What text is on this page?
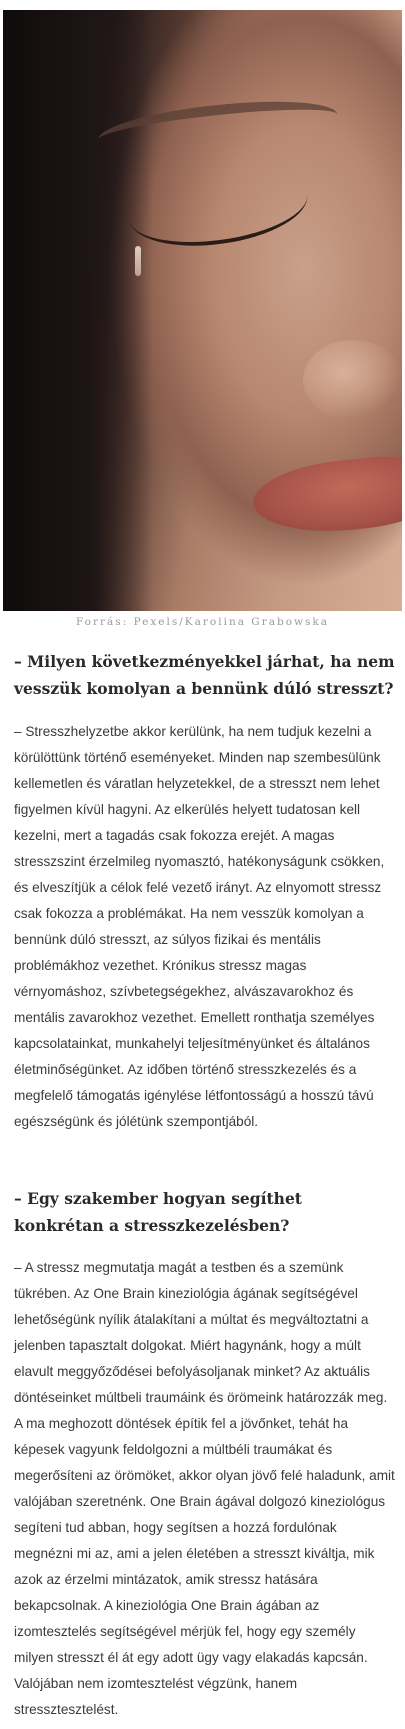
Forrás: Pexels/Karolina Grabowska
– Milyen következményekkel járhat, ha nem vesszük komolyan a bennünk dúló stresszt?

– Stresszhelyzetbe akkor kerülünk, ha nem tudjuk kezelni a körülöttünk történő eseményeket. Minden nap szembesülünk kellemetlen és váratlan helyzetekkel, de a stresszt nem lehet figyelmen kívül hagyni. Az elkerülés helyett tudatosan kell kezelni, mert a tagadás csak fokozza erejét. A magas stresszszint érzelmileg nyomasztó, hatékonyságunk csökken, és elveszítjük a célok felé vezető irányt. Az elnyomott stressz csak fokozza a problémákat. Ha nem vesszük komolyan a bennünk dúló stresszt, az súlyos fizikai és mentális problémákhoz vezethet. Krónikus stressz magas vérnyomáshoz, szívbetegségekhez, alvászavarokhoz és mentális zavarokhoz vezethet. Emellett ronthatja személyes kapcsolatainkat, munkahelyi teljesítményünket és általános életminőségünket. Az időben történő stresszkezelés és a megfelelő támogatás igénylése létfontosságú a hosszú távú egészségünk és jólétünk szempontjából.

– Egy szakember hogyan segíthet konkrétan a stresszkezelésben?

– A stressz megmutatja magát a testben és a szemünk tükrében. Az One Brain kineziológia ágának segítségével lehetőségünk nyílik átalakítani a múltat és megváltoztatni a jelenben tapasztalt dolgokat. Miért hagynánk, hogy a múlt elavult meggyőződései befolyásoljanak minket? Az aktuális döntéseinket múltbeli traumáink és örömeink határozzák meg. A ma meghozott döntések építik fel a jövőnket, tehát ha képesek vagyunk feldolgozni a múltbéli traumákat és megerősíteni az örömöket, akkor olyan jövő felé haladunk, amit valójában szeretnénk. One Brain ágával dolgozó kineziológus segíteni tud abban, hogy segítsen a hozzá fordulónak megnézni mi az, ami a jelen életében a stresszt kiváltja, mik azok az érzelmi mintázatok, amik stressz hatására bekapcsolnak. A kineziológia One Brain ágában az izomtesztelés segítségével mérjük fel, hogy egy személy milyen stresszt él át egy adott ügy vagy elakadás kapcsán. Valójában nem izomtesztelést végzünk, hanem stressztesztelést.
